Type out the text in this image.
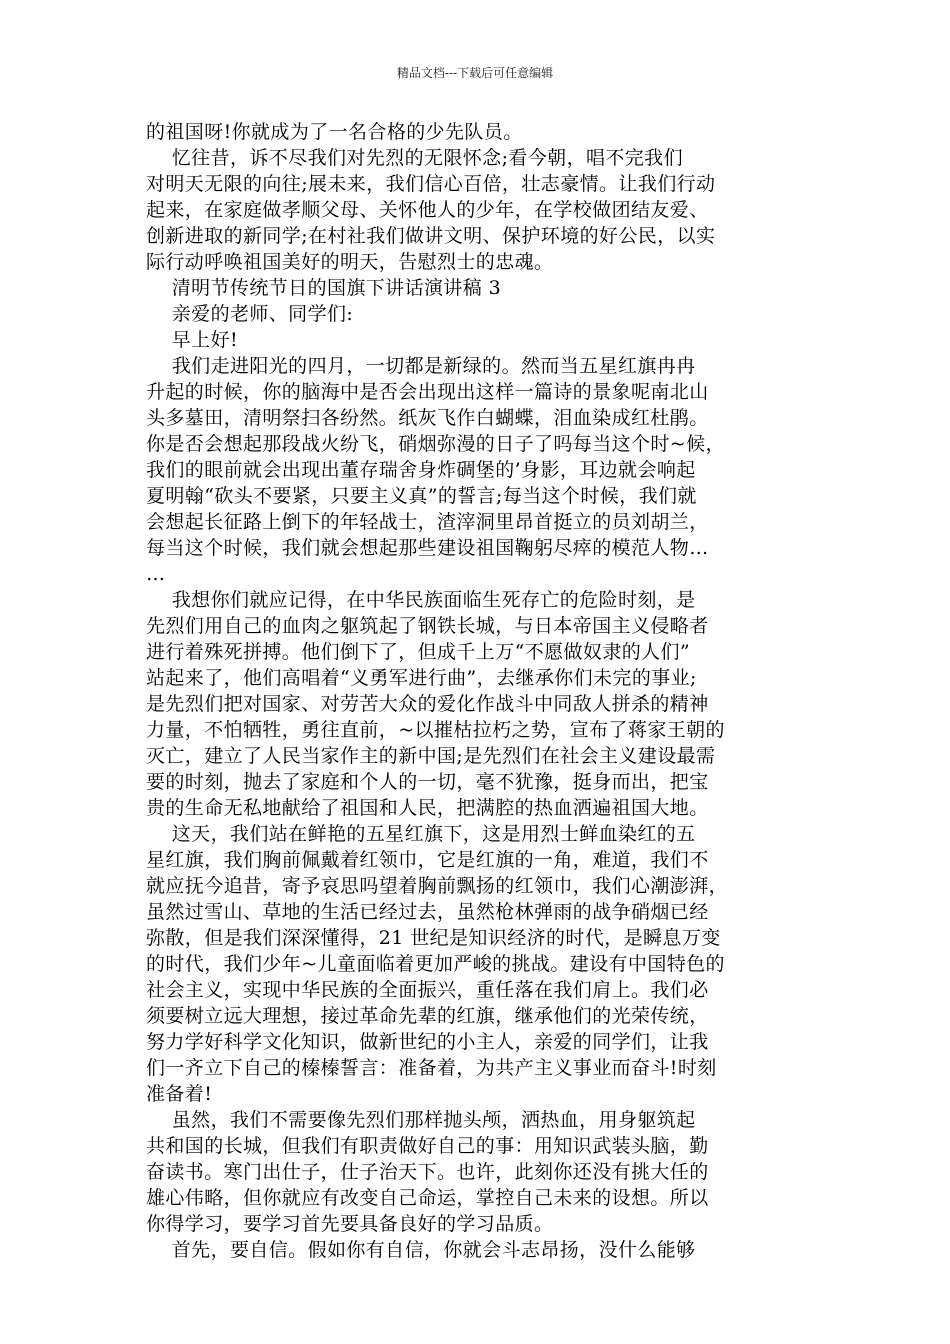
精品文档---下载后可任意编辑

的祖国呀!你就成为了一名合格的少先队员。

忆往昔，诉不尽我们对先烈的无限怀念;看今朝，唱不完我们
对明天无限的向往;展未来，我们信心百倍，壮志豪情。让我们行动
起来，在家庭做孝顺父母、关怀他人的少年，在学校做团结友爱、
创新进取的新同学;在村社我们做讲文明、保护环境的好公民，以实
际行动呼唤祖国美好的明天，告慰烈士的忠魂。

清明节传统节日的国旗下讲话演讲稿 3

亲爱的老师、同学们:

早上好!

我们走进阳光的四月，一切都是新绿的。然而当五星红旗冉冉
升起的时候，你的脑海中是否会出现出这样一篇诗的景象呢南北山
头多墓田，清明祭扫各纷然。纸灰飞作白蝴蝶，泪血染成红杜鹃。
你是否会想起那段战火纷飞，硝烟弥漫的日子了吗每当这个时~候，
我们的眼前就会出现出董存瑞舍身炸碉堡的’身影，耳边就会响起
夏明翰“砍头不要紧，只要主义真”的誓言;每当这个时候，我们就
会想起长征路上倒下的年轻战士，渣滓洞里昂首挺立的员刘胡兰，
每当这个时候，我们就会想起那些建设祖国鞠躬尽瘁的模范人物…
…

我想你们就应记得，在中华民族面临生死存亡的危险时刻，是
先烈们用自己的血肉之躯筑起了钢铁长城，与日本帝国主义侵略者
进行着殊死拼搏。他们倒下了，但成千上万“不愿做奴隶的人们”
站起来了，他们高唱着“义勇军进行曲”，去继承你们未完的事业;
是先烈们把对国家、对劳苦大众的爱化作战斗中同敌人拼杀的精神
力量，不怕牺牲，勇往直前，~以摧枯拉朽之势，宣布了蒋家王朝的
灭亡，建立了人民当家作主的新中国;是先烈们在社会主义建设最需
要的时刻，抛去了家庭和个人的一切，毫不犹豫，挺身而出，把宝
贵的生命无私地献给了祖国和人民，把满腔的热血洒遍祖国大地。

这天，我们站在鲜艳的五星红旗下，这是用烈士鲜血染红的五
星红旗，我们胸前佩戴着红领巾，它是红旗的一角，难道，我们不
就应抚今追昔，寄予哀思吗望着胸前飘扬的红领巾，我们心潮澎湃，
虽然过雪山、草地的生活已经过去，虽然枪林弹雨的战争硝烟已经
弥散，但是我们深深懂得，21 世纪是知识经济的时代，是瞬息万变
的时代，我们少年~儿童面临着更加严峻的挑战。建设有中国特色的
社会主义，实现中华民族的全面振兴，重任落在我们肩上。我们必
须要树立远大理想，接过革命先辈的红旗，继承他们的光荣传统，
努力学好科学文化知识，做新世纪的小主人，亲爱的同学们，让我
们一齐立下自己的榛榛誓言：准备着，为共产主义事业而奋斗!时刻
准备着!

虽然，我们不需要像先烈们那样抛头颅，洒热血，用身躯筑起
共和国的长城，但我们有职责做好自己的事：用知识武装头脑，勤
奋读书。寒门出仕子，仕子治天下。也许，此刻你还没有挑大任的
雄心伟略，但你就应有改变自己命运，掌控自己未来的设想。所以
你得学习，要学习首先要具备良好的学习品质。

首先，要自信。假如你有自信，你就会斗志昂扬，没什么能够
